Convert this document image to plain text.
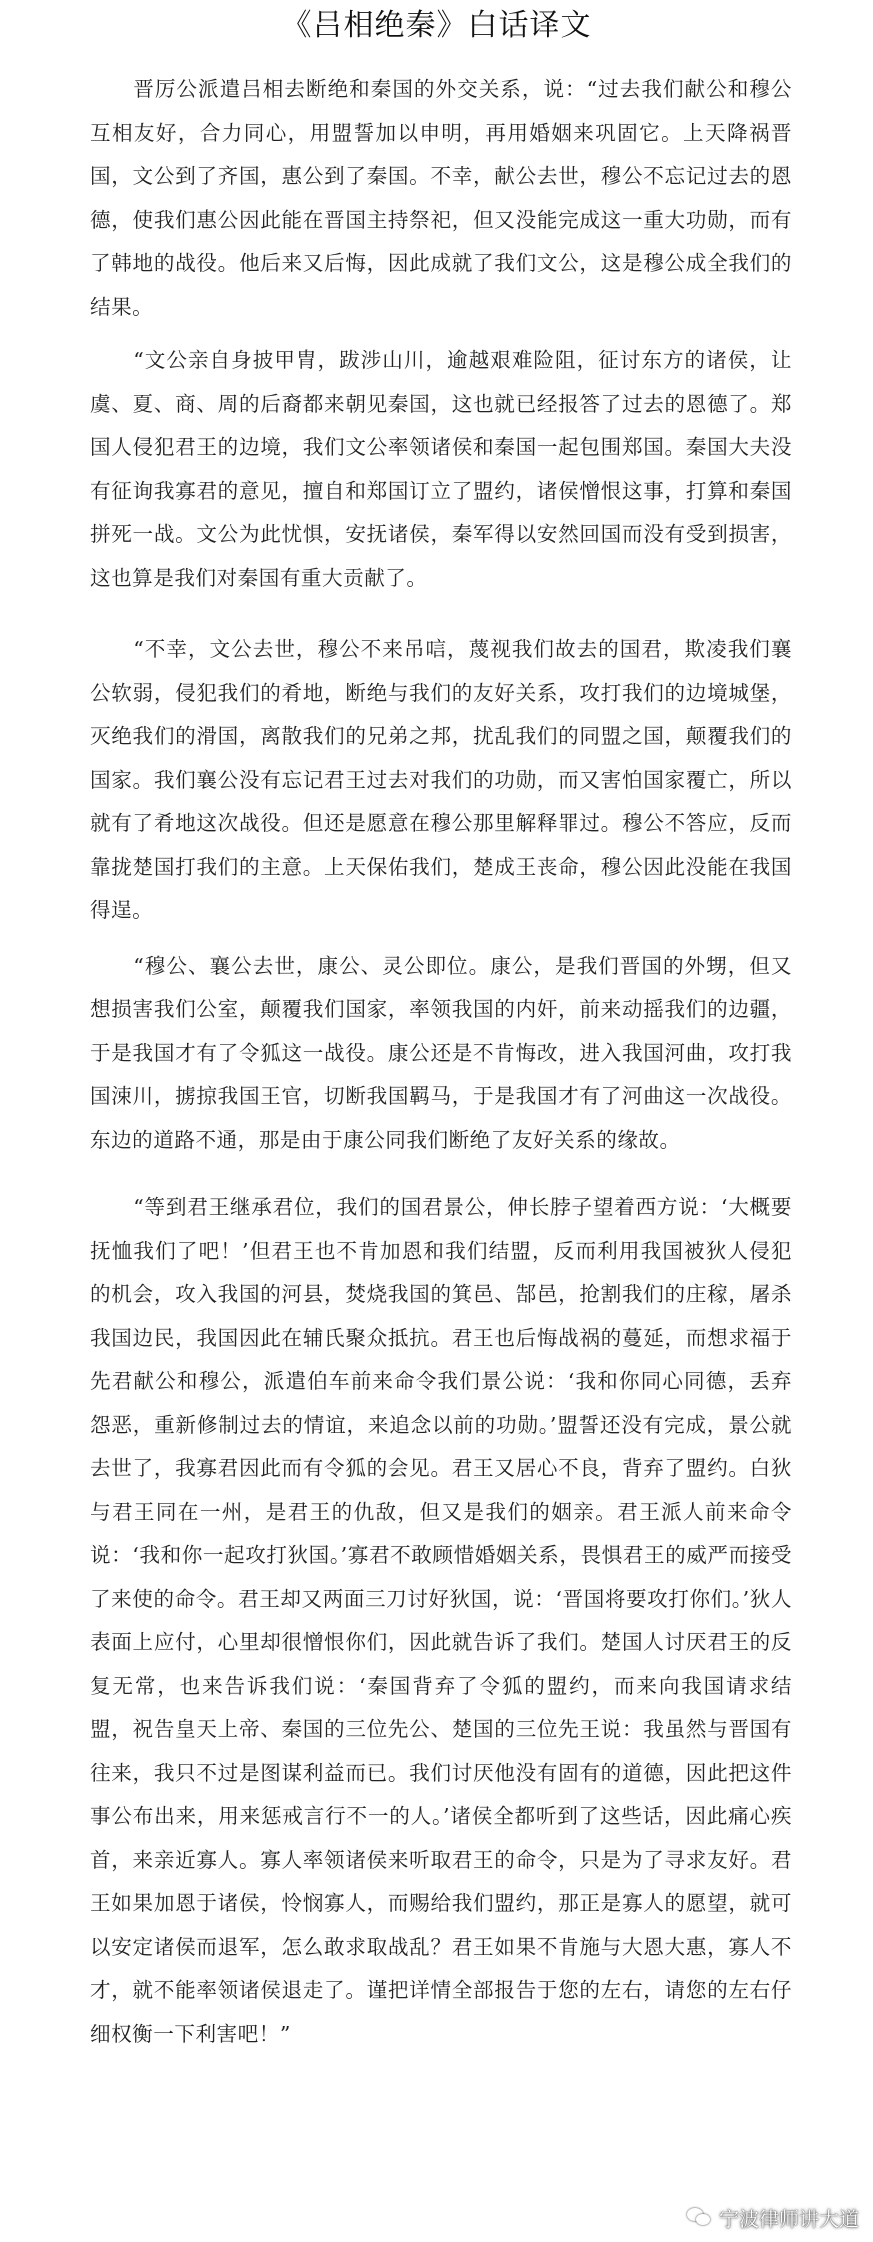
《吕相绝秦》白话译文

晋厉公派遣吕相去断绝和秦国的外交关系，说：“过去我们献公和穆公互相友好，合力同心，用盟誓加以申明，再用婚姻来巩固它。上天降祸晋国，文公到了齐国，惠公到了秦国。不幸，献公去世，穆公不忘记过去的恩德，使我们惠公因此能在晋国主持祭祀，但又没能完成这一重大功勋，而有了韩地的战役。他后来又后悔，因此成就了我们文公，这是穆公成全我们的结果。

“文公亲自身披甲胄，跋涉山川，逾越艰难险阻，征讨东方的诸侯，让虞、夏、商、周的后裔都来朝见秦国，这也就已经报答了过去的恩德了。郑国人侵犯君王的边境，我们文公率领诸侯和秦国一起包围郑国。秦国大夫没有征询我寡君的意见，擅自和郑国订立了盟约，诸侯憎恨这事，打算和秦国拼死一战。文公为此忧惧，安抚诸侯，秦军得以安然回国而没有受到损害，这也算是我们对秦国有重大贡献了。

“不幸，文公去世，穆公不来吊唁，蔑视我们故去的国君，欺凌我们襄公软弱，侵犯我们的肴地，断绝与我们的友好关系，攻打我们的边境城堡，灭绝我们的滑国，离散我们的兄弟之邦，扰乱我们的同盟之国，颠覆我们的国家。我们襄公没有忘记君王过去对我们的功勋，而又害怕国家覆亡，所以就有了肴地这次战役。但还是愿意在穆公那里解释罪过。穆公不答应，反而靠拢楚国打我们的主意。上天保佑我们，楚成王丧命，穆公因此没能在我国得逞。

“穆公、襄公去世，康公、灵公即位。康公，是我们晋国的外甥，但又想损害我们公室，颠覆我们国家，率领我国的内奸，前来动摇我们的边疆，于是我国才有了令狐这一战役。康公还是不肯悔改，进入我国河曲，攻打我国涑川，掳掠我国王官，切断我国羁马，于是我国才有了河曲这一次战役。东边的道路不通，那是由于康公同我们断绝了友好关系的缘故。

“等到君王继承君位，我们的国君景公，伸长脖子望着西方说：‘大概要抚恤我们了吧！’但君王也不肯加恩和我们结盟，反而利用我国被狄人侵犯的机会，攻入我国的河县，焚烧我国的箕邑、郜邑，抢割我们的庄稼，屠杀我国边民，我国因此在辅氏聚众抵抗。君王也后悔战祸的蔓延，而想求福于先君献公和穆公，派遣伯车前来命令我们景公说：‘我和你同心同德，丢弃怨恶，重新修制过去的情谊，来追念以前的功勋。’盟誓还没有完成，景公就去世了，我寡君因此而有令狐的会见。君王又居心不良，背弃了盟约。白狄与君王同在一州，是君王的仇敌，但又是我们的姻亲。君王派人前来命令说：‘我和你一起攻打狄国。’寡君不敢顾惜婚姻关系，畏惧君王的威严而接受了来使的命令。君王却又两面三刀讨好狄国，说：‘晋国将要攻打你们。’狄人表面上应付，心里却很憎恨你们，因此就告诉了我们。楚国人讨厌君王的反复无常，也来告诉我们说：‘秦国背弃了令狐的盟约，而来向我国请求结盟，祝告皇天上帝、秦国的三位先公、楚国的三位先王说：我虽然与晋国有往来，我只不过是图谋利益而已。我们讨厌他没有固有的道德，因此把这件事公布出来，用来惩戒言行不一的人。’诸侯全都听到了这些话，因此痛心疾首，来亲近寡人。寡人率领诸侯来听取君王的命令，只是为了寻求友好。君王如果加恩于诸侯，怜悯寡人，而赐给我们盟约，那正是寡人的愿望，就可以安定诸侯而退军，怎么敢求取战乱？君王如果不肯施与大恩大惠，寡人不才，就不能率领诸侯退走了。谨把详情全部报告于您的左右，请您的左右仔细权衡一下利害吧！”

宁波律师讲大道
